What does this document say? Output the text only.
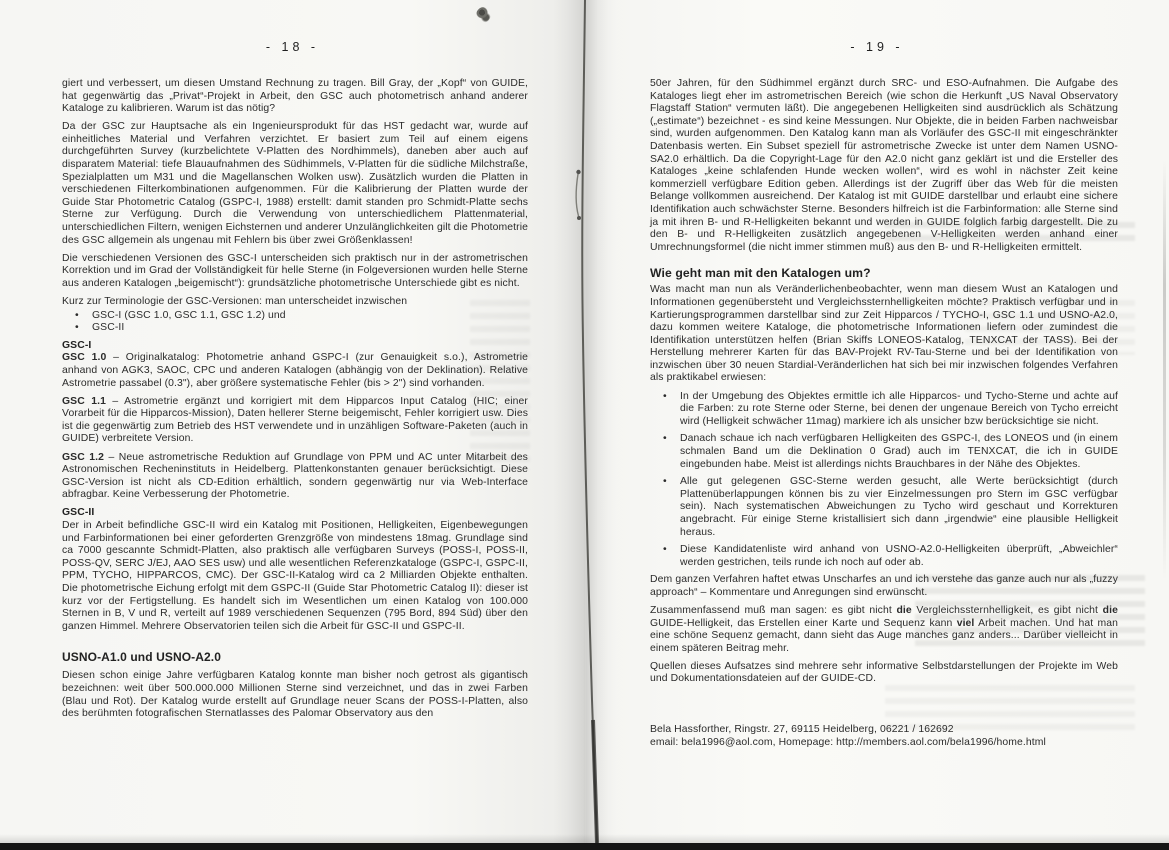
- 18 -

giert und verbessert, um diesen Umstand Rechnung zu tragen. Bill Gray, der „Kopf“ von GUIDE, hat gegenwärtig das „Privat“-Projekt in Arbeit, den GSC auch photometrisch anhand anderer Kataloge zu kalibrieren. Warum ist das nötig?

Da der GSC zur Hauptsache als ein Ingenieursprodukt für das HST gedacht war, wurde auf einheitliches Material und Verfahren verzichtet. Er basiert zum Teil auf einem eigens durchgeführten Survey (kurzbelichtete V-Platten des Nordhimmels), daneben aber auch auf disparatem Material: tiefe Blauaufnahmen des Südhimmels, V-Platten für die südliche Milchstraße, Spezialplatten um M31 und die Magellanschen Wolken usw). Zusätzlich wurden die Platten in verschiedenen Filterkombinationen aufgenommen. Für die Kalibrierung der Platten wurde der Guide Star Photometric Catalog (GSPC-I, 1988) erstellt: damit standen pro Schmidt-Platte sechs Sterne zur Verfügung. Durch die Verwendung von unterschiedlichem Plattenmaterial, unterschiedlichen Filtern, wenigen Eichsternen und anderer Unzulänglichkeiten gilt die Photometrie des GSC allgemein als ungenau mit Fehlern bis über zwei Größenklassen!

Die verschiedenen Versionen des GSC-I unterscheiden sich praktisch nur in der astrometrischen Korrektion und im Grad der Vollständigkeit für helle Sterne (in Folgeversionen wurden helle Sterne aus anderen Katalogen „beigemischt“): grundsätzliche photometrische Unterschiede gibt es nicht.

Kurz zur Terminologie der GSC-Versionen: man unterscheidet inzwischen

• GSC-I (GSC 1.0, GSC 1.1, GSC 1.2) und
• GSC-II
GSC-I

GSC 1.0 – Originalkatalog: Photometrie anhand GSPC-I (zur Genauigkeit s.o.), Astrometrie anhand von AGK3, SAOC, CPC und anderen Katalogen (abhängig von der Deklination). Relative Astrometrie passabel (0.3"), aber größere systematische Fehler (bis > 2") sind vorhanden.

GSC 1.1 – Astrometrie ergänzt und korrigiert mit dem Hipparcos Input Catalog (HIC; einer Vorarbeit für die Hipparcos-Mission), Daten hellerer Sterne beigemischt, Fehler korrigiert usw. Dies ist die gegenwärtig zum Betrieb des HST verwendete und in unzähligen Software-Paketen (auch in GUIDE) verbreitete Version.

GSC 1.2 – Neue astrometrische Reduktion auf Grundlage von PPM und AC unter Mitarbeit des Astronomischen Recheninstituts in Heidelberg. Plattenkonstanten genauer berücksichtigt. Diese GSC-Version ist nicht als CD-Edition erhältlich, sondern gegenwärtig nur via Web-Interface abfragbar. Keine Verbesserung der Photometrie.

GSC-II

Der in Arbeit befindliche GSC-II wird ein Katalog mit Positionen, Helligkeiten, Eigenbewegungen und Farbinformationen bei einer geforderten Grenzgröße von mindestens 18mag. Grundlage sind ca 7000 gescannte Schmidt-Platten, also praktisch alle verfügbaren Surveys (POSS-I, POSS-II, POSS-QV, SERC J/EJ, AAO SES usw) und alle wesentlichen Referenzkataloge (GSPC-I, GSPC-II, PPM, TYCHO, HIPPARCOS, CMC). Der GSC-II-Katalog wird ca 2 Milliarden Objekte enthalten. Die photometrische Eichung erfolgt mit dem GSPC-II (Guide Star Photometric Catalog II): dieser ist kurz vor der Fertigstellung. Es handelt sich im Wesentlichen um einen Katalog von 100.000 Sternen in B, V und R, verteilt auf 1989 verschiedenen Sequenzen (795 Bord, 894 Süd) über den ganzen Himmel. Mehrere Observatorien teilen sich die Arbeit für GSC-II und GSPC-II.

USNO-A1.0 und USNO-A2.0

Diesen schon einige Jahre verfügbaren Katalog konnte man bisher noch getrost als gigantisch bezeichnen: weit über 500.000.000 Millionen Sterne sind verzeichnet, und das in zwei Farben (Blau und Rot). Der Katalog wurde erstellt auf Grundlage neuer Scans der POSS-I-Platten, also des berühmten fotografischen Sternatlasses des Palomar Observatory aus den

- 19 -

50er Jahren, für den Südhimmel ergänzt durch SRC- und ESO-Aufnahmen. Die Aufgabe des Kataloges liegt eher im astrometrischen Bereich (wie schon die Herkunft „US Naval Observatory Flagstaff Station“ vermuten läßt). Die angegebenen Helligkeiten sind ausdrücklich als Schätzung („estimate“) bezeichnet - es sind keine Messungen. Nur Objekte, die in beiden Farben nachweisbar sind, wurden aufgenommen. Den Katalog kann man als Vorläufer des GSC-II mit eingeschränkter Datenbasis werten. Ein Subset speziell für astrometrische Zwecke ist unter dem Namen USNO-SA2.0 erhältlich. Da die Copyright-Lage für den A2.0 nicht ganz geklärt ist und die Ersteller des Kataloges „keine schlafenden Hunde wecken wollen“, wird es wohl in nächster Zeit keine kommerziell verfügbare Edition geben. Allerdings ist der Zugriff über das Web für die meisten Belange vollkommen ausreichend. Der Katalog ist mit GUIDE darstellbar und erlaubt eine sichere Identifikation auch schwächster Sterne. Besonders hilfreich ist die Farbinformation: alle Sterne sind ja mit ihren B- und R-Helligkeiten bekannt und werden in GUIDE folglich farbig dargestellt. Die zu den B- und R-Helligkeiten zusätzlich angegebenen V-Helligkeiten werden anhand einer Umrechnungsformel (die nicht immer stimmen muß) aus den B- und R-Helligkeiten ermittelt.

Wie geht man mit den Katalogen um?

Was macht man nun als Veränderlichenbeobachter, wenn man diesem Wust an Katalogen und Informationen gegenübersteht und Vergleichssternhelligkeiten möchte? Praktisch verfügbar und in Kartierungsprogrammen darstellbar sind zur Zeit Hipparcos / TYCHO-I, GSC 1.1 und USNO-A2.0, dazu kommen weitere Kataloge, die photometrische Informationen liefern oder zumindest die Identifikation unterstützen helfen (Brian Skiffs LONEOS-Katalog, TENXCAT der TASS). Bei der Herstellung mehrerer Karten für das BAV-Projekt RV-Tau-Sterne und bei der Identifikation von inzwischen über 30 neuen Stardial-Veränderlichen hat sich bei mir inzwischen folgendes Verfahren als praktikabel erwiesen:

• In der Umgebung des Objektes ermittle ich alle Hipparcos- und Tycho-Sterne und achte auf die Farben: zu rote Sterne oder Sterne, bei denen der ungenaue Bereich von Tycho erreicht wird (Helligkeit schwächer 11mag) markiere ich als unsicher bzw berücksichtige sie nicht.
• Danach schaue ich nach verfügbaren Helligkeiten des GSPC-I, des LONEOS und (in einem schmalen Band um die Deklination 0 Grad) auch im TENXCAT, die ich in GUIDE eingebunden habe. Meist ist allerdings nichts Brauchbares in der Nähe des Objektes.
• Alle gut gelegenen GSC-Sterne werden gesucht, alle Werte berücksichtigt (durch Plattenüberlappungen können bis zu vier Einzelmessungen pro Stern im GSC verfügbar sein). Nach systematischen Abweichungen zu Tycho wird geschaut und Korrekturen angebracht. Für einige Sterne kristallisiert sich dann „irgendwie“ eine plausible Helligkeit heraus.
• Diese Kandidatenliste wird anhand von USNO-A2.0-Helligkeiten überprüft, „Abweichler“ werden gestrichen, teils runde ich noch auf oder ab.

Dem ganzen Verfahren haftet etwas Unscharfes an und ich verstehe das ganze auch nur als „fuzzy approach“ – Kommentare und Anregungen sind erwünscht.

Zusammenfassend muß man sagen: es gibt nicht die Vergleichssternhelligkeit, es gibt nicht die GUIDE-Helligkeit, das Erstellen einer Karte und Sequenz kann viel Arbeit machen. Und hat man eine schöne Sequenz gemacht, dann sieht das Auge manches ganz anders... Darüber vielleicht in einem späteren Beitrag mehr.

Quellen dieses Aufsatzes sind mehrere sehr informative Selbstdarstellungen der Projekte im Web und Dokumentationsdateien auf der GUIDE-CD.

Bela Hassforther, Ringstr. 27, 69115 Heidelberg, 06221 / 162692

email: bela1996@aol.com, Homepage: http://members.aol.com/bela1996/home.html
